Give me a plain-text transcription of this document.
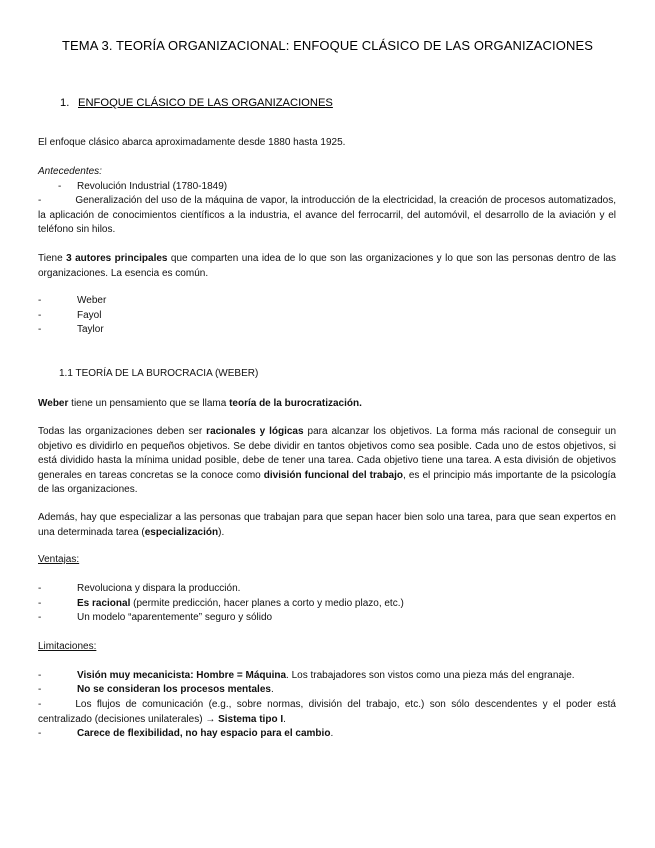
TEMA 3. TEORÍA ORGANIZACIONAL: ENFOQUE CLÁSICO DE LAS ORGANIZACIONES
1. ENFOQUE CLÁSICO DE LAS ORGANIZACIONES
El enfoque clásico abarca aproximadamente desde 1880 hasta 1925.
Antecedentes:
- Revolución Industrial (1780-1849)
-	Generalización del uso de la máquina de vapor, la introducción de la electricidad, la creación de procesos automatizados, la aplicación de conocimientos científicos a la industria, el avance del ferrocarril, del automóvil, el desarrollo de la aviación y el teléfono sin hilos.
Tiene 3 autores principales que comparten una idea de lo que son las organizaciones y lo que son las personas dentro de las organizaciones. La esencia es común.
-	Weber
-	Fayol
-	Taylor
1.1 TEORÍA DE LA BUROCRACIA (WEBER)
Weber tiene un pensamiento que se llama teoría de la burocratización.
Todas las organizaciones deben ser racionales y lógicas para alcanzar los objetivos. La forma más racional de conseguir un objetivo es dividirlo en pequeños objetivos. Se debe dividir en tantos objetivos como sea posible. Cada uno de estos objetivos, si está dividido hasta la mínima unidad posible, debe de tener una tarea. Cada objetivo tiene una tarea. A esta división de objetivos generales en tareas concretas se la conoce como división funcional del trabajo, es el principio más importante de la psicología de las organizaciones.
Además, hay que especializar a las personas que trabajan para que sepan hacer bien solo una tarea, para que sean expertos en una determinada tarea (especialización).
Ventajas:
-	Revoluciona y dispara la producción.
-	Es racional (permite predicción, hacer planes a corto y medio plazo, etc.)
-	Un modelo “aparentemente” seguro y sólido
Limitaciones:
-	Visión muy mecanicista: Hombre = Máquina. Los trabajadores son vistos como una pieza más del engranaje.
-	No se consideran los procesos mentales.
-	Los flujos de comunicación (e.g., sobre normas, división del trabajo, etc.) son sólo descendentes y el poder está centralizado (decisiones unilaterales) → Sistema tipo I.
-	Carece de flexibilidad, no hay espacio para el cambio.
